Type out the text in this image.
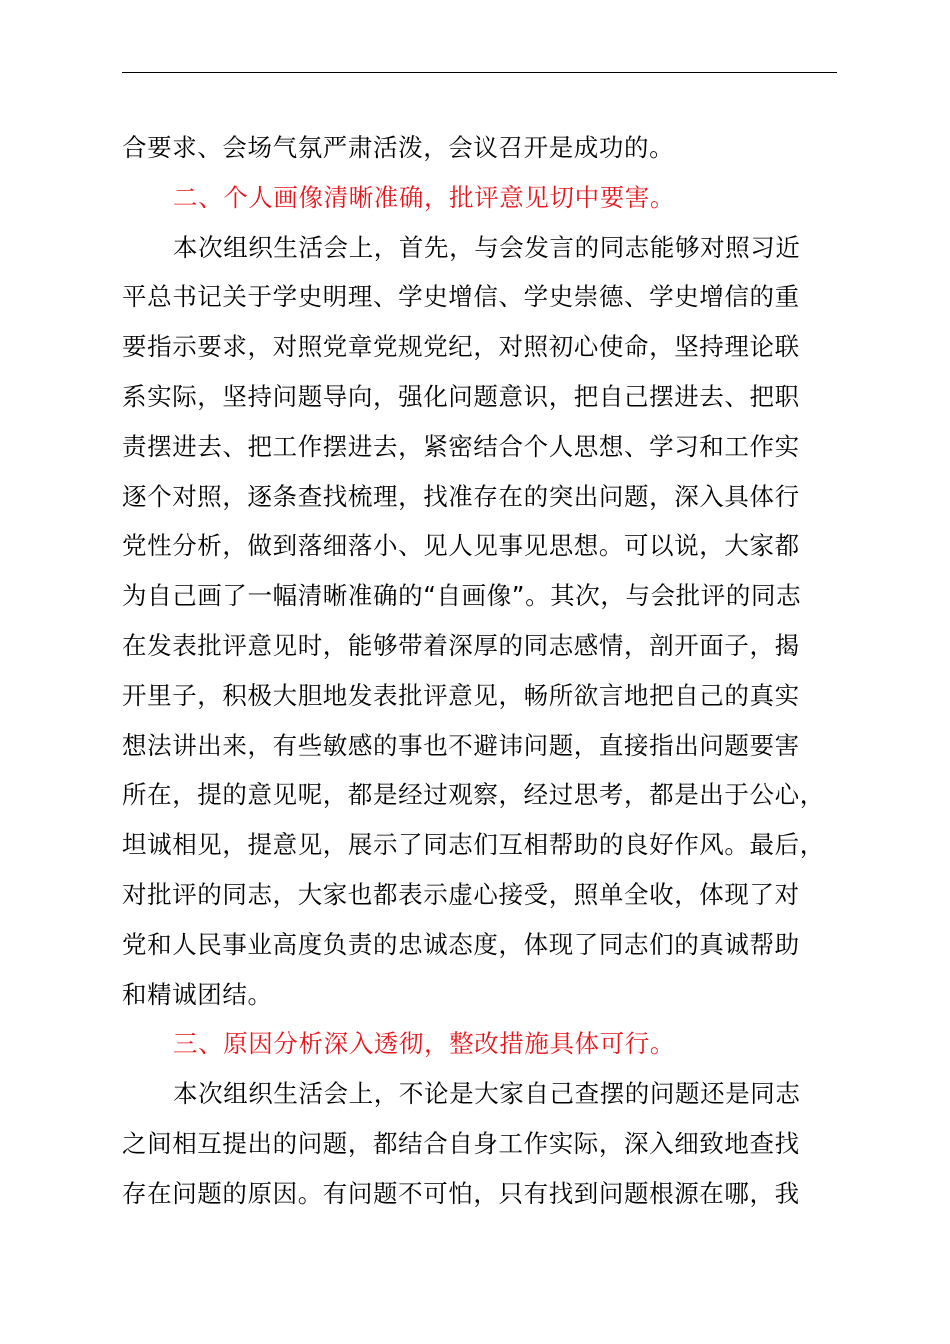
合要求、会场气氛严肃活泼，会议召开是成功的。
二、个人画像清晰准确，批评意见切中要害。
本次组织生活会上，首先，与会发言的同志能够对照习近
平总书记关于学史明理、学史增信、学史崇德、学史增信的重
要指示要求，对照党章党规党纪，对照初心使命，坚持理论联
系实际，坚持问题导向，强化问题意识，把自己摆进去、把职
责摆进去、把工作摆进去，紧密结合个人思想、学习和工作实
逐个对照，逐条查找梳理，找准存在的突出问题，深入具体行
党性分析，做到落细落小、见人见事见思想。可以说，大家都
为自己画了一幅清晰准确的“自画像”。其次，与会批评的同志
在发表批评意见时，能够带着深厚的同志感情，剖开面子，揭
开里子，积极大胆地发表批评意见，畅所欲言地把自己的真实
想法讲出来，有些敏感的事也不避讳问题，直接指出问题要害
所在，提的意见呢，都是经过观察，经过思考，都是出于公心，
坦诚相见，提意见，展示了同志们互相帮助的良好作风。最后，
对批评的同志，大家也都表示虚心接受，照单全收，体现了对
党和人民事业高度负责的忠诚态度，体现了同志们的真诚帮助
和精诚团结。
三、原因分析深入透彻，整改措施具体可行。
本次组织生活会上，不论是大家自己查摆的问题还是同志
之间相互提出的问题，都结合自身工作实际，深入细致地查找
存在问题的原因。有问题不可怕，只有找到问题根源在哪，我
